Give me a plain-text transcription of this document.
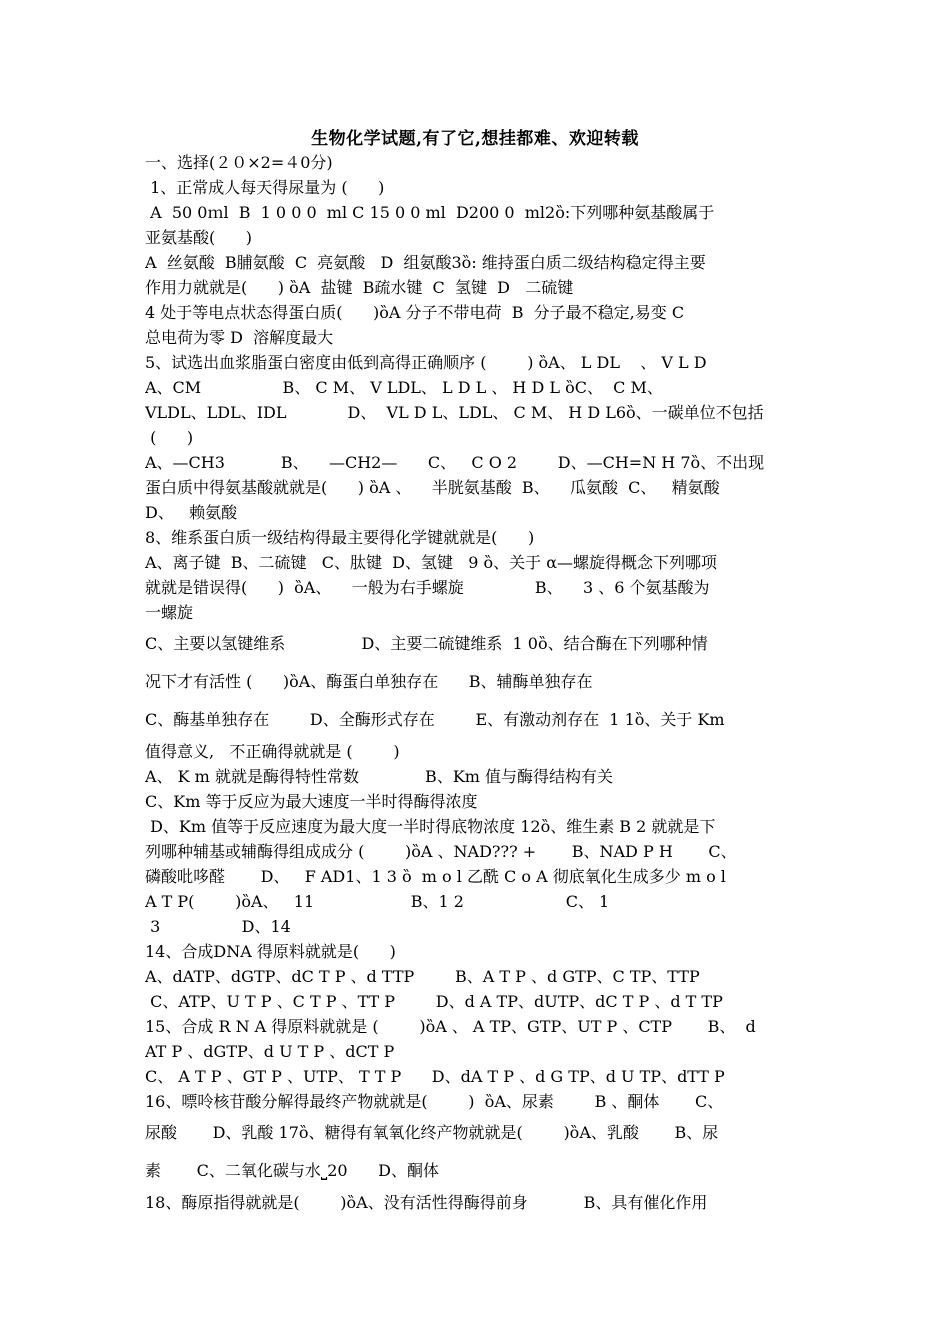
生物化学试题,有了它,想挂都难、欢迎转载
一、选择(２０×2=４0分)
1、正常成人每天得尿量为 (      )
A  50 0ｍl  B  1 0 0 0  ml C 15 0 0 ml  D200 0  ml2ȍ:下列哪种氨基酸属于
亚氨基酸(      )
A  丝氨酸  B脯氨酸  C  亮氨酸   D  组氨酸3ȍ: 维持蛋白质二级结构稳定得主要
作用力就就是(      ) ȍA  盐键  B疏水键  C  氢键  D   二硫键
4 处于等电点状态得蛋白质(      )ȍA 分子不带电荷  B  分子最不稳定,易变 C
总电荷为零 D  溶解度最大
5、试选出血浆脂蛋白密度由低到高得正确顺序 (        ) ȍA、 L DL    、 V L D
A、CM                B、 C M、 V LDL、 L D L 、 H D L ȍC、  C M、
VLDL、LDL、IDL            D、  VL D L、LDL、 C M、 H D L6ȍ、一碳单位不包括
(      )
A、—CH3           B、    —CH2—      C、   C O 2        D、—CH=N H 7ȍ、不出现
蛋白质中得氨基酸就就是(      ) ȍA 、    半胱氨基酸  B、    瓜氨酸  C、   精氨酸
D、   赖氨酸
8、维系蛋白质一级结构得最主要得化学键就就是(      )
A、离子键  B、二硫键   C、肽键  D、氢键   9 ȍ、关于 α—螺旋得概念下列哪项
就就是错误得(      )  ȍA、    一般为右手螺旋              B、    3 、6 个氨基酸为
一螺旋
C、主要以氢键维系               D、主要二硫键维系  1 0ȍ、结合酶在下列哪种情
况下才有活性 (      )ȍA、酶蛋白单独存在      B、辅酶单独存在
C、酶基单独存在        D、全酶形式存在        E、有激动剂存在  1 1ȍ、关于 Km
值得意义,   不正确得就就是 (        )
A、 K m 就就是酶得特性常数             B、Km 值与酶得结构有关
C、Km 等于反应为最大速度一半时得酶得浓度
D、Km 值等于反应速度为最大度一半时得底物浓度 12ȍ、维生素 B 2 就就是下
列哪种辅基或辅酶得组成成分 (        )ȍA 、NAD??? +       B、NAD P H       C、
磷酸吡哆醛       D、   F AD1、1 3 ȍ  m o l 乙酰 C o A 彻底氧化生成多少 m o l
A T P(        )ȍA、   11                   B、1 2                    C、 1
3                D、14
14、合成DNA 得原料就就是(      )
A、dATP、dGTP、dC T P 、d TTP        B、A T P 、d GTP、C TP、TTP
C、ATP、U T P 、C T P 、TT P        D、d A TP、dUTP、dC T P 、d T TP
15、合成 R N A 得原料就就是 (        )ȍA 、 A TP、GTP、UT P 、CTP       B、  d
AT P 、dGTP、d U T P 、dCT P
C、 A T P 、GT P 、UTP、 T T P      D、dA T P 、d G TP、d U TP、dTT P
16、嘌呤核苷酸分解得最终产物就就是(        )  ȍA、尿素        B 、酮体       C、
尿酸       D、乳酸 17ȍ、糖得有氧氧化终产物就就是(        )ȍA、乳酸       B、尿
素       C、二氧化碳与水⎵20      D、酮体
18、酶原指得就就是(        )ȍA、没有活性得酶得前身           B、具有催化作用
